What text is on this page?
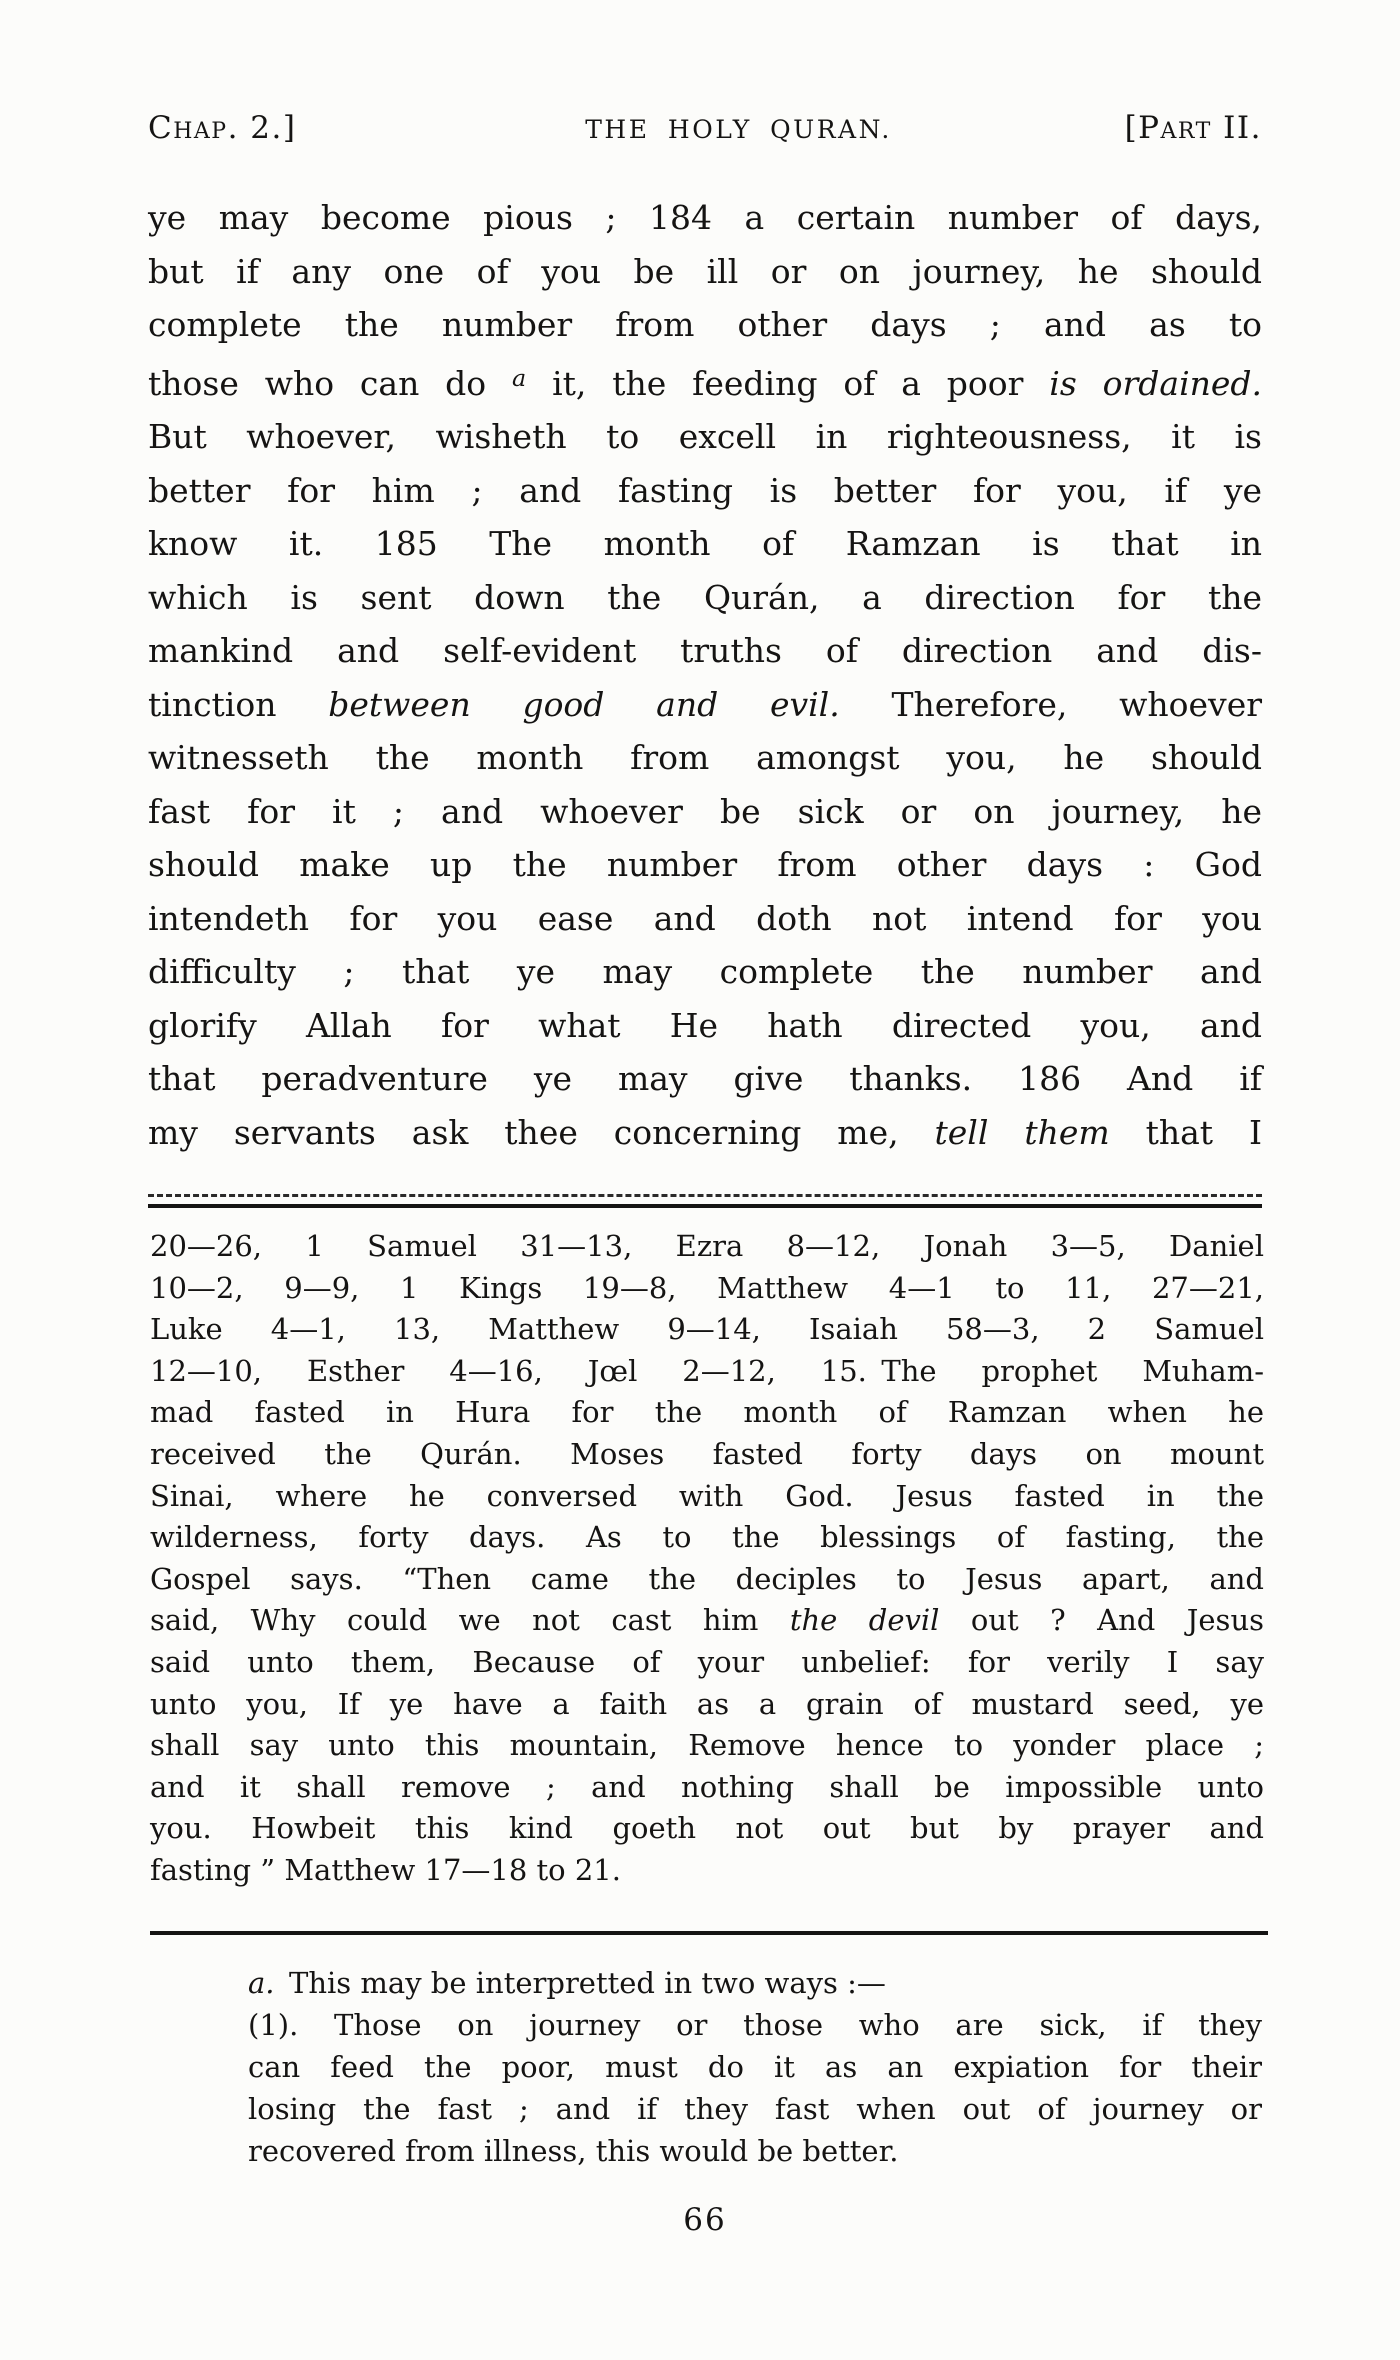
Chap. 2.]	THE HOLY QURAN.	[Part II.
ye may become pious ; 184 a certain number of days,
but if any one of you be ill or on journey, he should
complete the number from other days ; and as to
those who can do $^a$ it, the feeding of a poor is ordained.
But whoever, wisheth to excell in righteousness, it is
better for him ; and fasting is better for you, if ye
know it. 185 The month of Ramzan is that in
which is sent down the Qurán, a direction for the
mankind and self-evident truths of direction and dis-
tinction between good and evil. Therefore, whoever
witnesseth the month from amongst you, he should
fast for it ; and whoever be sick or on journey, he
should make up the number from other days : God
intendeth for you ease and doth not intend for you
difficulty ; that ye may complete the number and
glorify Allah for what He hath directed you, and
that peradventure ye may give thanks. 186 And if
my servants ask thee concerning me, tell them that I
20—26, 1 Samuel 31—13, Ezra 8—12, Jonah 3—5, Daniel
10—2, 9—9, 1 Kings 19—8, Matthew 4—1 to 11, 27—21,
Luke 4—1, 13, Matthew 9—14, Isaiah 58—3, 2 Samuel
12—10, Esther 4—16, Jœl 2—12, 15. The prophet Muham-
mad fasted in Hura for the month of Ramzan when he
received the Qurán. Moses fasted forty days on mount
Sinai, where he conversed with God. Jesus fasted in the
wilderness, forty days. As to the blessings of fasting, the
Gospel says. “Then came the deciples to Jesus apart, and
said, Why could we not cast him the devil out ? And Jesus
said unto them, Because of your unbelief: for verily I say
unto you, If ye have a faith as a grain of mustard seed, ye
shall say unto this mountain, Remove hence to yonder place ;
and it shall remove ; and nothing shall be impossible unto
you. Howbeit this kind goeth not out but by prayer and
fasting ” Matthew 17—18 to 21.
a. This may be interpretted in two ways :—
(1). Those on journey or those who are sick, if they
can feed the poor, must do it as an expiation for their
losing the fast ; and if they fast when out of journey or
recovered from illness, this would be better.
66
